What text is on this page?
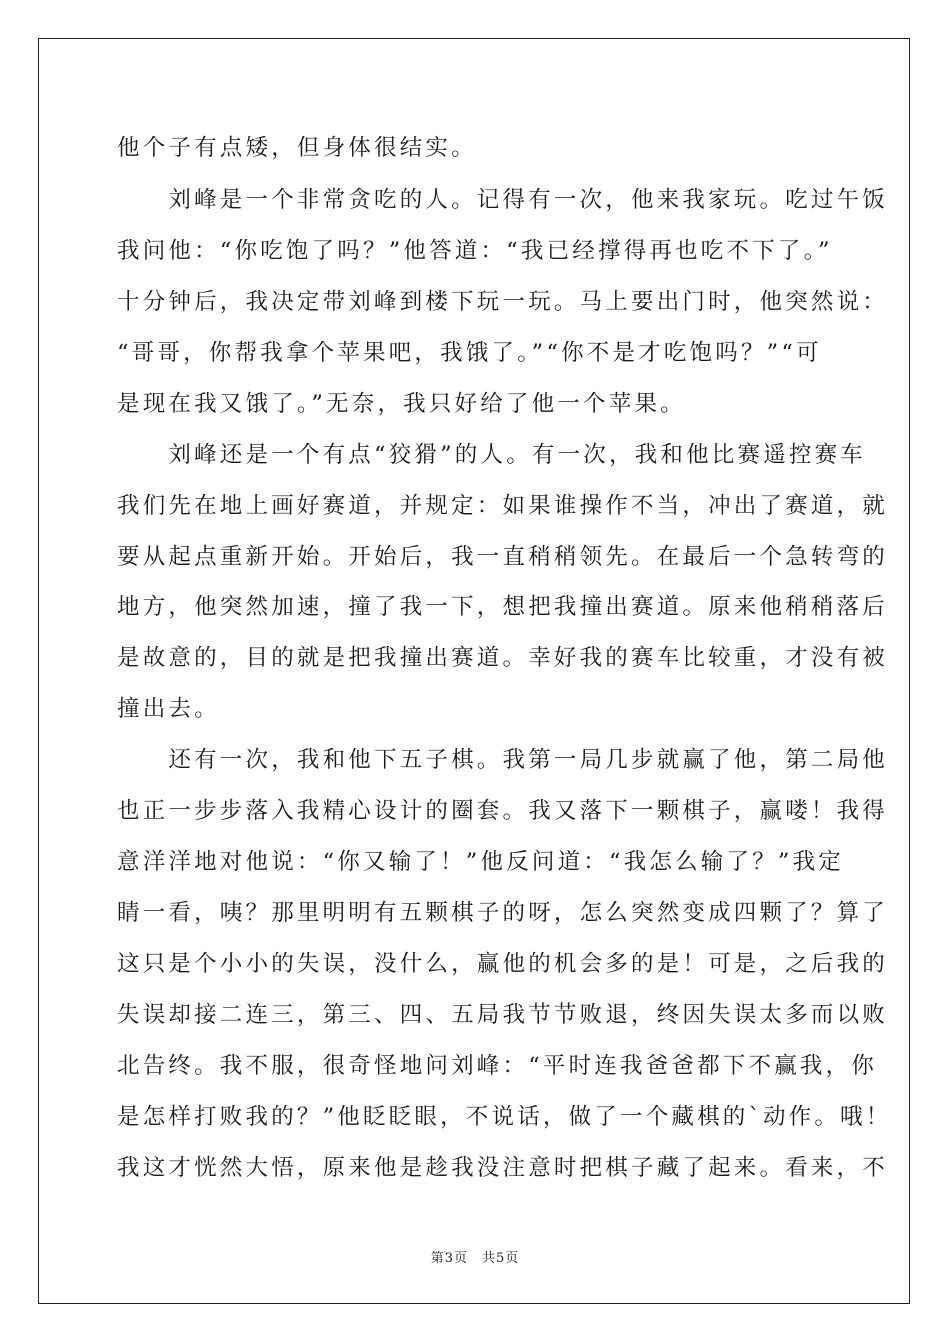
他个子有点矮，但身体很结实。
　　刘峰是一个非常贪吃的人。记得有一次，他来我家玩。吃过午饭
我问他：“你吃饱了吗？”他答道：“我已经撑得再也吃不下了。”
十分钟后，我决定带刘峰到楼下玩一玩。马上要出门时，他突然说：
“哥哥，你帮我拿个苹果吧，我饿了。”“你不是才吃饱吗？”“可
是现在我又饿了。”无奈，我只好给了他一个苹果。
　　刘峰还是一个有点“狡猾”的人。有一次，我和他比赛遥控赛车
我们先在地上画好赛道，并规定：如果谁操作不当，冲出了赛道，就
要从起点重新开始。开始后，我一直稍稍领先。在最后一个急转弯的
地方，他突然加速，撞了我一下，想把我撞出赛道。原来他稍稍落后
是故意的，目的就是把我撞出赛道。幸好我的赛车比较重，才没有被
撞出去。
　　还有一次，我和他下五子棋。我第一局几步就赢了他，第二局他
也正一步步落入我精心设计的圈套。我又落下一颗棋子，赢喽！我得
意洋洋地对他说：“你又输了！”他反问道：“我怎么输了？”我定
睛一看，咦？那里明明有五颗棋子的呀，怎么突然变成四颗了？算了
这只是个小小的失误，没什么，赢他的机会多的是！可是，之后我的
失误却接二连三，第三、四、五局我节节败退，终因失误太多而以败
北告终。我不服，很奇怪地问刘峰：“平时连我爸爸都下不赢我，你
是怎样打败我的？”他眨眨眼，不说话，做了一个藏棋的`动作。哦！
我这才恍然大悟，原来他是趁我没注意时把棋子藏了起来。看来，不
第3页　共5页
